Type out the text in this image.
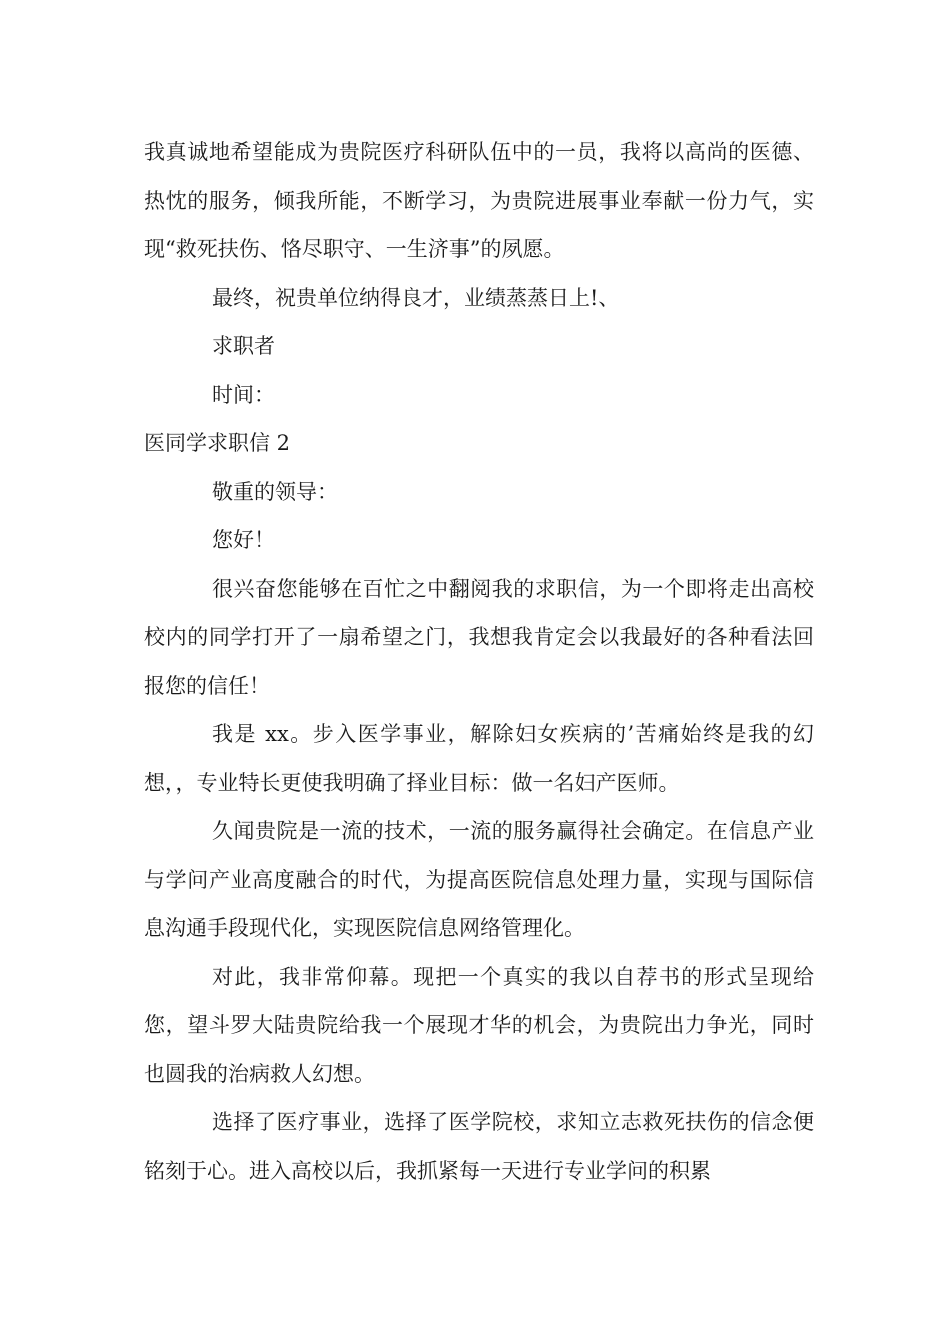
我真诚地希望能成为贵院医疗科研队伍中的一员，我将以高尚的医德、热忱的服务，倾我所能，不断学习，为贵院进展事业奉献一份力气，实现“救死扶伤、恪尽职守、一生济事”的夙愿。

最终，祝贵单位纳得良才，业绩蒸蒸日上!、

求职者

时间：

医同学求职信 2

敬重的领导：

您好！

很兴奋您能够在百忙之中翻阅我的求职信，为一个即将走出高校校内的同学打开了一扇希望之门，我想我肯定会以我最好的各种看法回报您的信任！

我是 xx。步入医学事业，解除妇女疾病的’苦痛始终是我的幻想，，专业特长更使我明确了择业目标：做一名妇产医师。

久闻贵院是一流的技术，一流的服务赢得社会确定。在信息产业与学问产业高度融合的时代，为提高医院信息处理力量，实现与国际信息沟通手段现代化，实现医院信息网络管理化。

对此，我非常仰幕。现把一个真实的我以自荐书的形式呈现给您，望斗罗大陆贵院给我一个展现才华的机会，为贵院出力争光，同时也圆我的治病救人幻想。

选择了医疗事业，选择了医学院校，求知立志救死扶伤的信念便铭刻于心。进入高校以后，我抓紧每一天进行专业学问的积累
